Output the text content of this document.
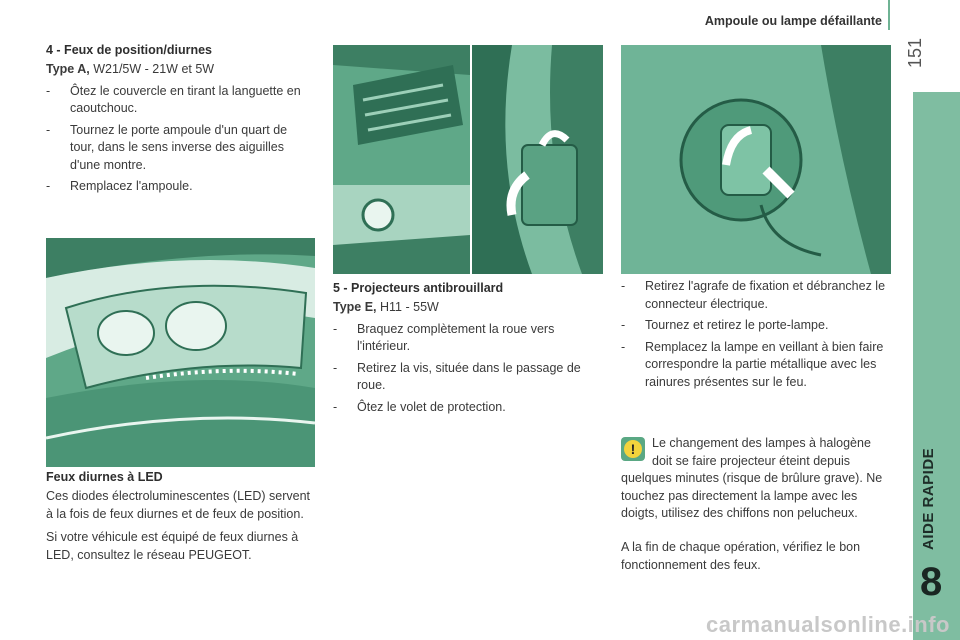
Ampoule ou lampe défaillante
151
AIDE RAPIDE
8
4 - Feux de position/diurnes
Type A, W21/5W - 21W et 5W
-	Ôtez le couvercle en tirant la languette en caoutchouc.
-	Tournez le porte ampoule d'un quart de tour, dans le sens inverse des aiguilles d'une montre.
-	Remplacez l'ampoule.
Feux diurnes à LED
Ces diodes électroluminescentes (LED) servent à la fois de feux diurnes et de feux de position.
Si votre véhicule est équipé de feux diurnes à LED, consultez le réseau PEUGEOT.
5 - Projecteurs antibrouillard
Type E, H11 - 55W
-	Braquez complètement la roue vers l'intérieur.
-	Retirez la vis, située dans le passage de roue.
-	Ôtez le volet de protection.
-	Retirez l'agrafe de fixation et débranchez le connecteur électrique.
-	Tournez et retirez le porte-lampe.
-	Remplacez la lampe en veillant à bien faire correspondre la partie métallique avec les rainures présentes sur le feu.
!	Le changement des lampes à halogène doit se faire projecteur éteint depuis
quelques minutes (risque de brûlure grave). Ne touchez pas directement la lampe avec les doigts, utilisez des chiffons non pelucheux.
A la fin de chaque opération, vérifiez le bon fonctionnement des feux.
carmanualsonline.info
